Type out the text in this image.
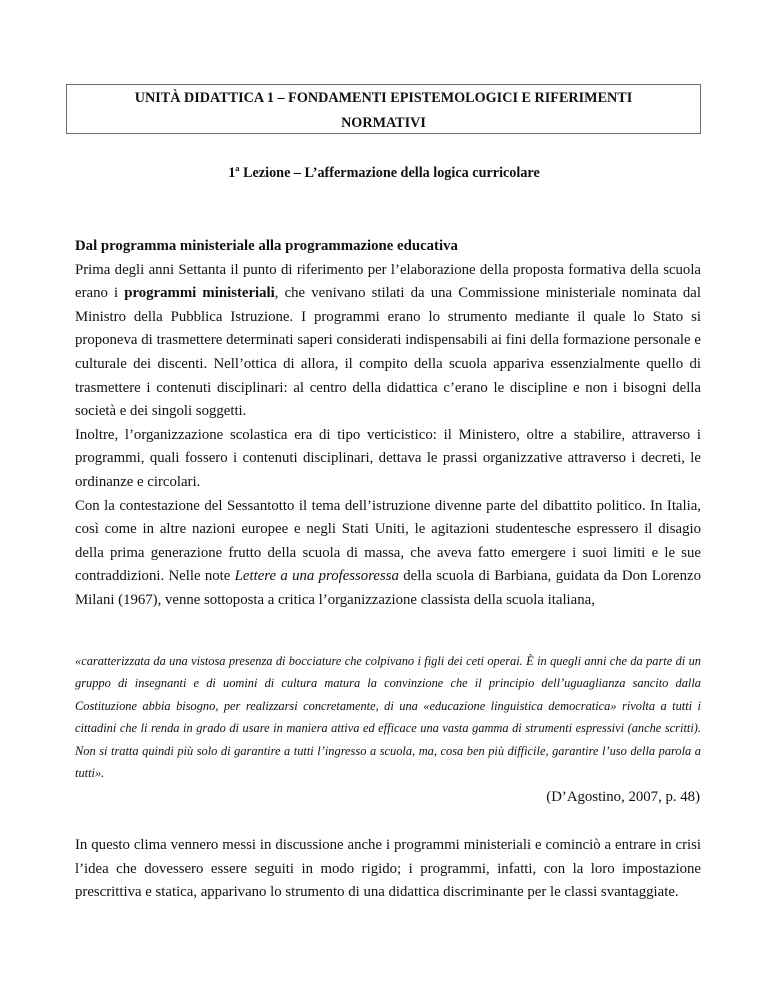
UNITÀ DIDATTICA 1 – FONDAMENTI EPISTEMOLOGICI E RIFERIMENTI
NORMATIVI
1$^a$ Lezione – L’affermazione della logica curricolare

Dal programma ministeriale alla programmazione educativa

Prima degli anni Settanta il punto di riferimento per l’elaborazione della proposta formativa della scuola erano i programmi ministeriali, che venivano stilati da una Commissione ministeriale nominata dal Ministro della Pubblica Istruzione. I programmi erano lo strumento mediante il quale lo Stato si proponeva di trasmettere determinati saperi considerati indispensabili ai fini della formazione personale e culturale dei discenti. Nell’ottica di allora, il compito della scuola appariva essenzialmente quello di trasmettere i contenuti disciplinari: al centro della didattica c’erano le discipline e non i bisogni della società e dei singoli soggetti.

Inoltre, l’organizzazione scolastica era di tipo verticistico: il Ministero, oltre a stabilire, attraverso i programmi, quali fossero i contenuti disciplinari, dettava le prassi organizzative attraverso i decreti, le ordinanze e circolari.

Con la contestazione del Sessantotto il tema dell’istruzione divenne parte del dibattito politico. In Italia, così come in altre nazioni europee e negli Stati Uniti, le agitazioni studentesche espressero il disagio della prima generazione frutto della scuola di massa, che aveva fatto emergere i suoi limiti e le sue contraddizioni. Nelle note Lettere a una professoressa della scuola di Barbiana, guidata da Don Lorenzo Milani (1967), venne sottoposta a critica l’organizzazione classista della scuola italiana,

«caratterizzata da una vistosa presenza di bocciature che colpivano i figli dei ceti operai. È in quegli anni che da parte di un gruppo di insegnanti e di uomini di cultura matura la convinzione che il principio dell’uguaglianza sancito dalla Costituzione abbia bisogno, per realizzarsi concretamente, di una «educazione linguistica democratica» rivolta a tutti i cittadini che li renda in grado di usare in maniera attiva ed efficace una vasta gamma di strumenti espressivi (anche scritti). Non si tratta quindi più solo di garantire a tutti l’ingresso a scuola, ma, cosa ben più difficile, garantire l’uso della parola a tutti».

(D’Agostino, 2007, p. 48)

In questo clima vennero messi in discussione anche i programmi ministeriali e cominciò a entrare in crisi l’idea che dovessero essere seguiti in modo rigido; i programmi, infatti, con la loro impostazione prescrittiva e statica, apparivano lo strumento di una didattica discriminante per le classi svantaggiate.
